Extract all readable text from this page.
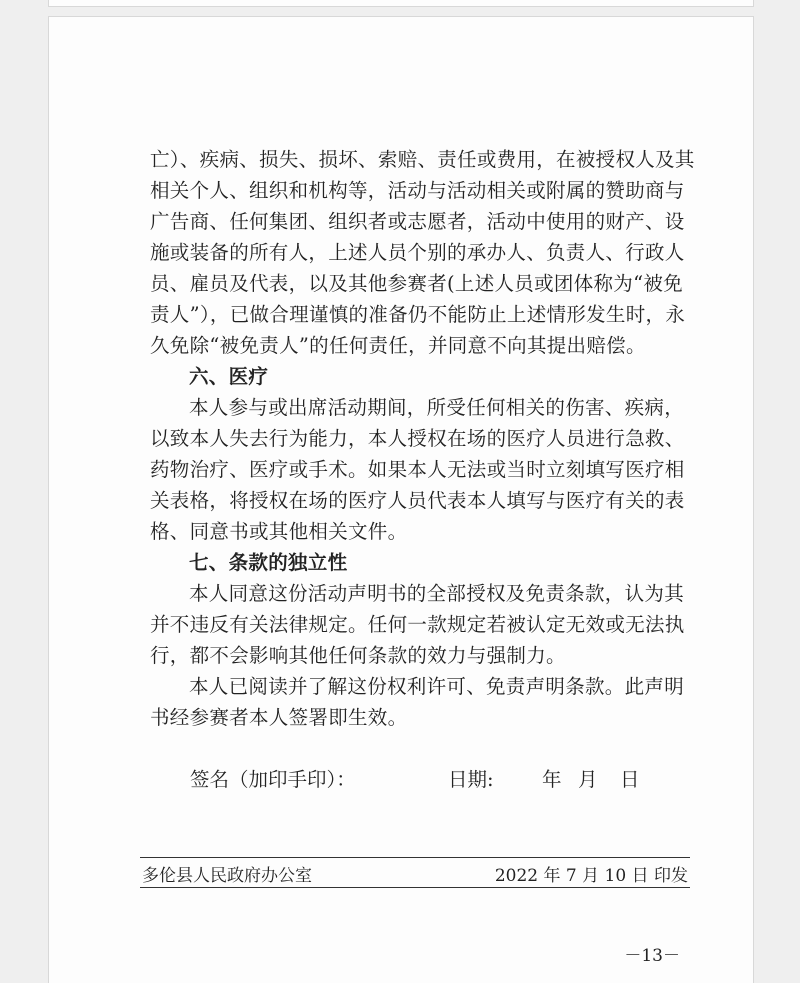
亡）、疾病、损失、损坏、索赔、责任或费用，在被授权人及其
相关个人、组织和机构等，活动与活动相关或附属的赞助商与
广告商、任何集团、组织者或志愿者，活动中使用的财产、设
施或装备的所有人，上述人员个别的承办人、负责人、行政人
员、雇员及代表，以及其他参赛者(上述人员或团体称为“被免
责人”），已做合理谨慎的准备仍不能防止上述情形发生时，永
久免除“被免责人”的任何责任，并同意不向其提出赔偿。
六、医疗
本人参与或出席活动期间，所受任何相关的伤害、疾病，
以致本人失去行为能力，本人授权在场的医疗人员进行急救、
药物治疗、医疗或手术。如果本人无法或当时立刻填写医疗相
关表格，将授权在场的医疗人员代表本人填写与医疗有关的表
格、同意书或其他相关文件。
七、条款的独立性
本人同意这份活动声明书的全部授权及免责条款，认为其
并不违反有关法律规定。任何一款规定若被认定无效或无法执
行，都不会影响其他任何条款的效力与强制力。
本人已阅读并了解这份权利许可、免责声明条款。此声明
书经参赛者本人签署即生效。
签名（加印手印）：	日期: 年 月 日
多伦县人民政府办公室	2022 年 7 月 10 日 印发
－13－
